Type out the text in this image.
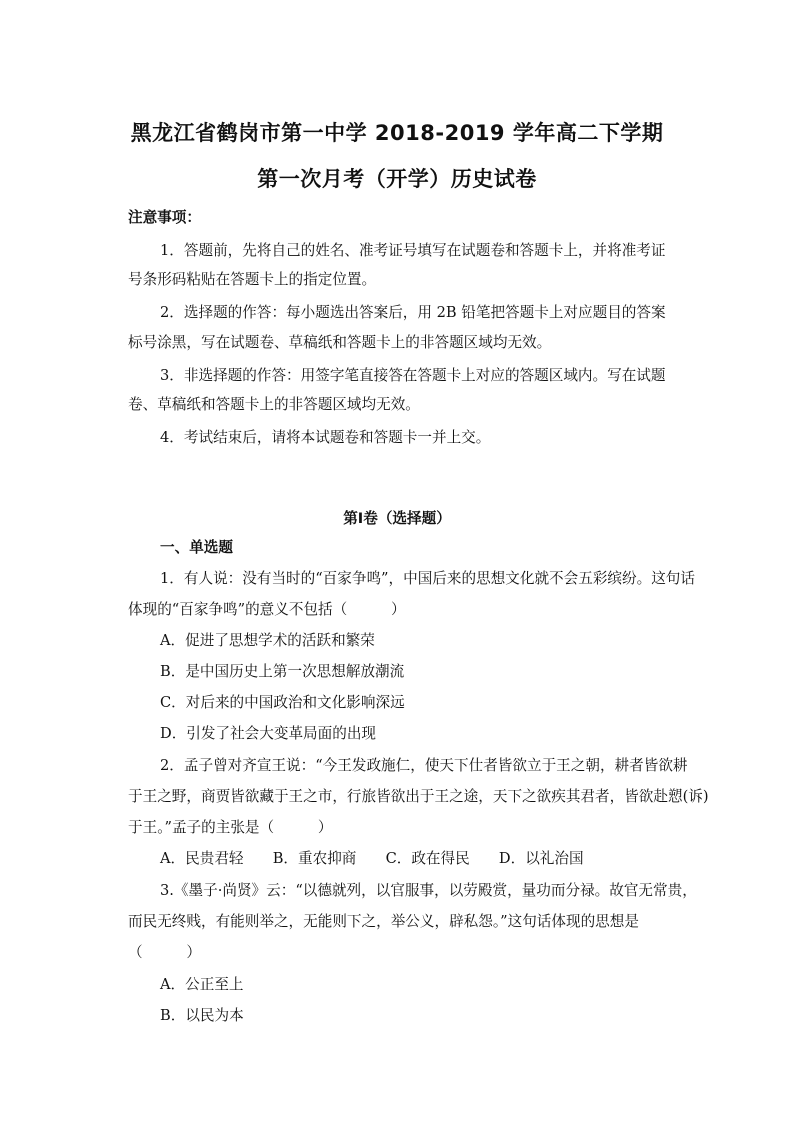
黑龙江省鹤岗市第一中学 2018-2019 学年高二下学期
第一次月考（开学）历史试卷
注意事项：
1．答题前，先将自己的姓名、准考证号填写在试题卷和答题卡上，并将准考证
号条形码粘贴在答题卡上的指定位置。
2．选择题的作答：每小题选出答案后，用 2B 铅笔把答题卡上对应题目的答案
标号涂黑，写在试题卷、草稿纸和答题卡上的非答题区域均无效。
3．非选择题的作答：用签字笔直接答在答题卡上对应的答题区域内。写在试题
卷、草稿纸和答题卡上的非答题区域均无效。
4．考试结束后，请将本试题卷和答题卡一并上交。
第Ⅰ卷（选择题）
一、单选题
1．有人说：没有当时的“百家争鸣”，中国后来的思想文化就不会五彩缤纷。这句话
体现的“百家争鸣”的意义不包括（　　　）
A．促进了思想学术的活跃和繁荣
B．是中国历史上第一次思想解放潮流
C．对后来的中国政治和文化影响深远
D．引发了社会大变革局面的出现
2．孟子曾对齐宣王说：“今王发政施仁，使天下仕者皆欲立于王之朝，耕者皆欲耕
于王之野，商贾皆欲藏于王之市，行旅皆欲出于王之途，天下之欲疾其君者，皆欲赴愬(诉)
于王。”孟子的主张是（　　　）
A．民贵君轻　　B．重农抑商　　C．政在得民　　D．以礼治国
3.《墨子·尚贤》云：“以德就列，以官服事，以劳殿赏，量功而分禄。故官无常贵，
而民无终贱，有能则举之，无能则下之，举公义，辟私怨。”这句话体现的思想是
（　　　）
A．公正至上
B．以民为本
